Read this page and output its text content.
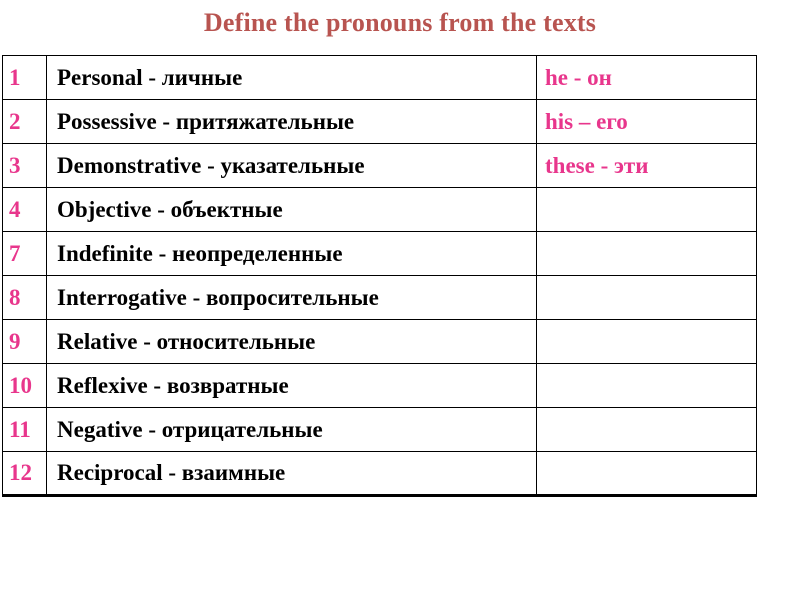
Define the pronouns from the texts
1	Personal - личные	he - он
2	Possessive - притяжательные	his – его
3	Demonstrative - указательные	these - эти
4	Objective - объектные	
7	Indefinite - неопределенные	
8	Interrogative - вопросительные	
9	Relative - относительные	
10	Reflexive - возвратные	
11	Negative - отрицательные	
12	Reciprocal - взаимные	
